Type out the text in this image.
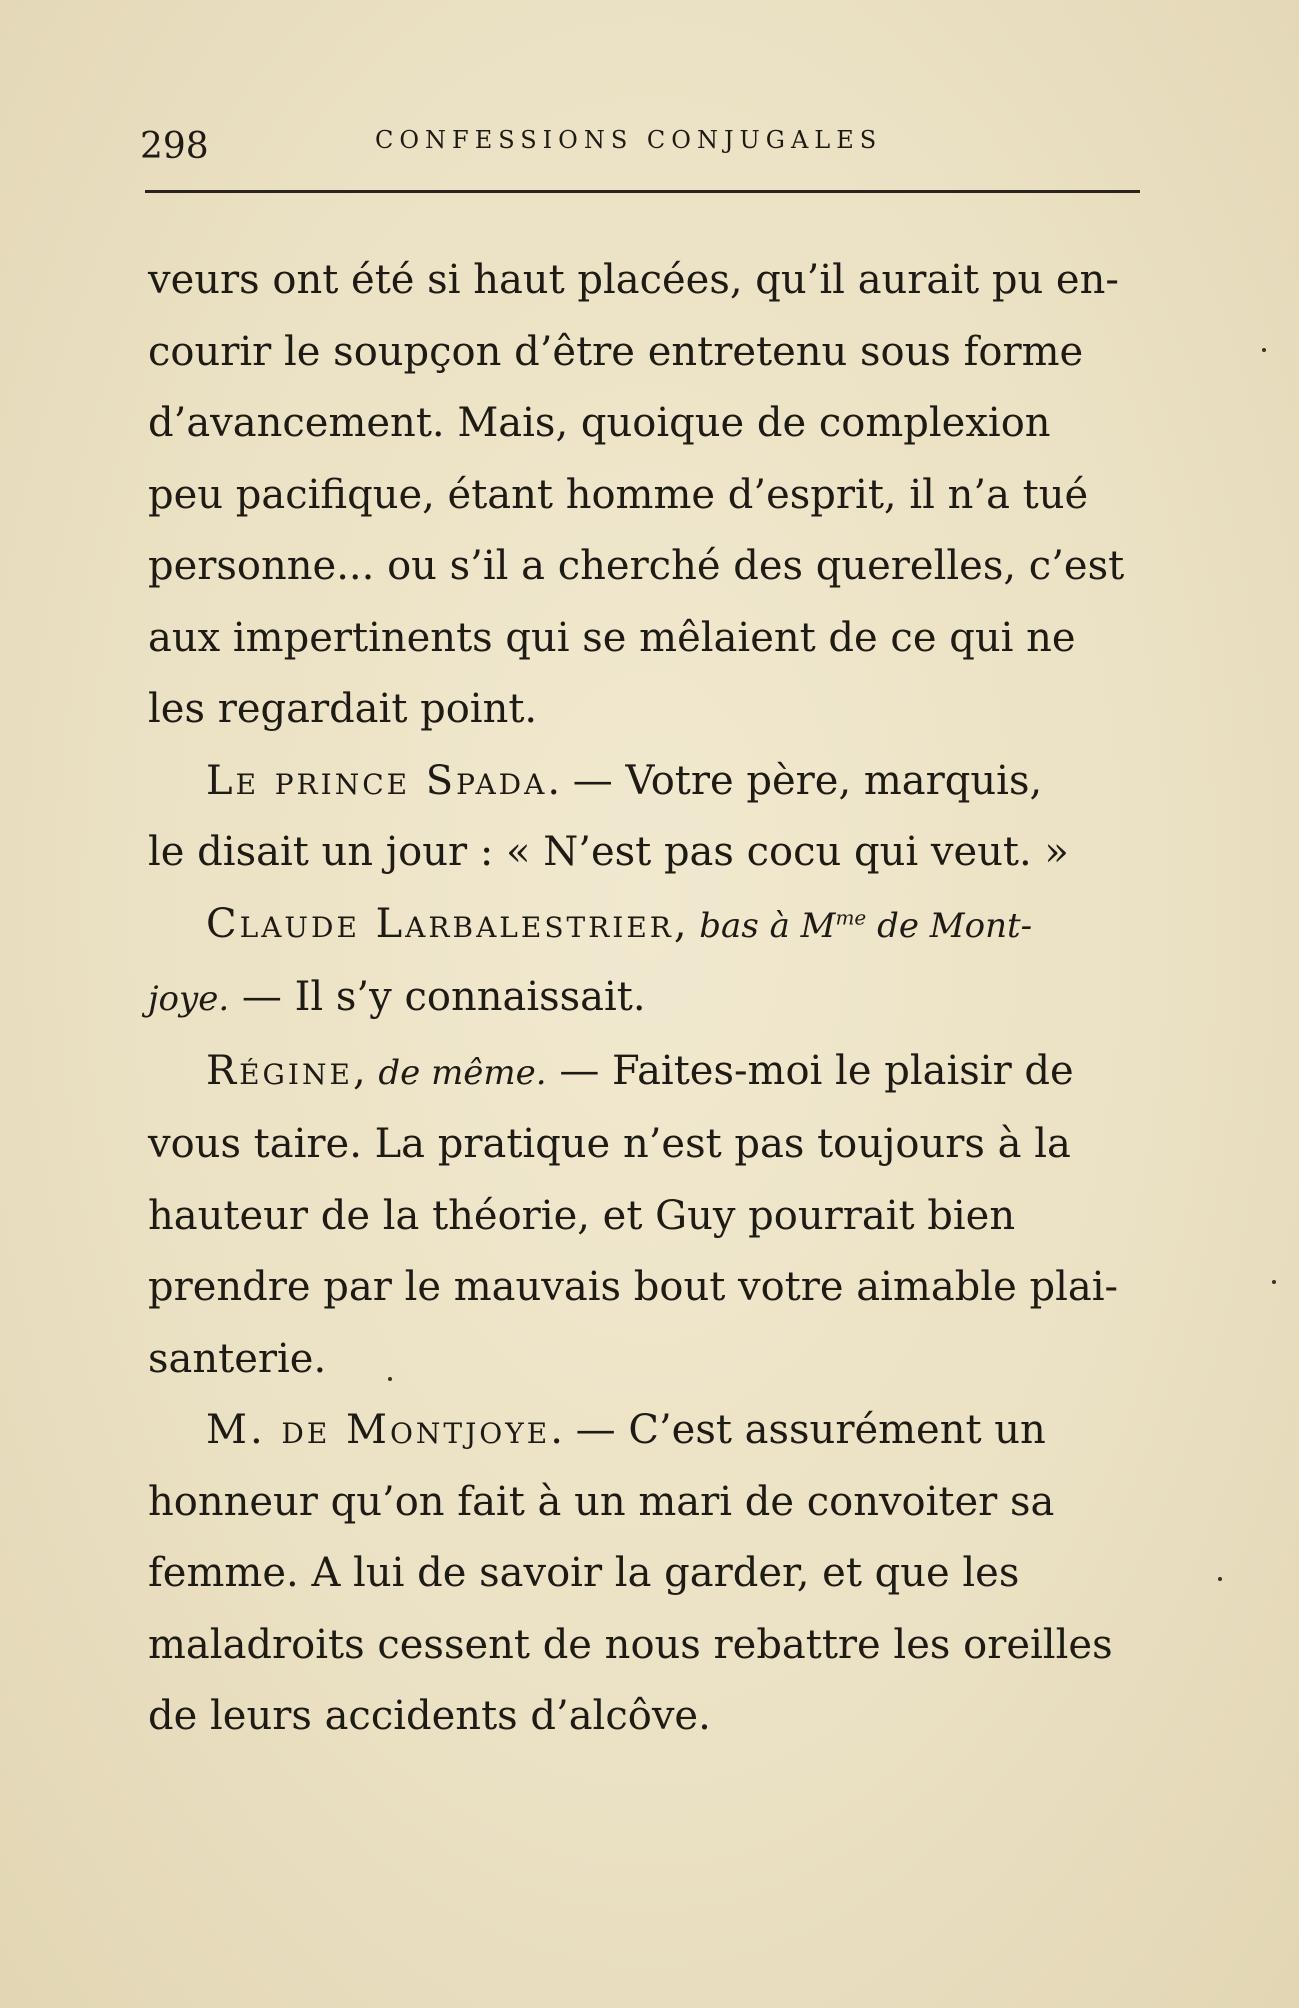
298	CONFESSIONS CONJUGALES
veurs ont été si haut placées, qu’il aurait pu en-
courir le soupçon d’être entretenu sous forme
d’avancement. Mais, quoique de complexion
peu pacifique, étant homme d’esprit, il n’a tué
personne... ou s’il a cherché des querelles, c’est
aux impertinents qui se mêlaient de ce qui ne
les regardait point.
Le prince Spada. — Votre père, marquis,
le disait un jour : « N’est pas cocu qui veut. »
Claude Larbalestrier, bas à $M^{me}$ de Mont-
joye. — Il s’y connaissait.
Régine, de même. — Faites-moi le plaisir de
vous taire. La pratique n’est pas toujours à la
hauteur de la théorie, et Guy pourrait bien
prendre par le mauvais bout votre aimable plai-
santerie.
M. de Montjoye. — C’est assurément un
honneur qu’on fait à un mari de convoiter sa
femme. A lui de savoir la garder, et que les
maladroits cessent de nous rebattre les oreilles
de leurs accidents d’alcôve.
